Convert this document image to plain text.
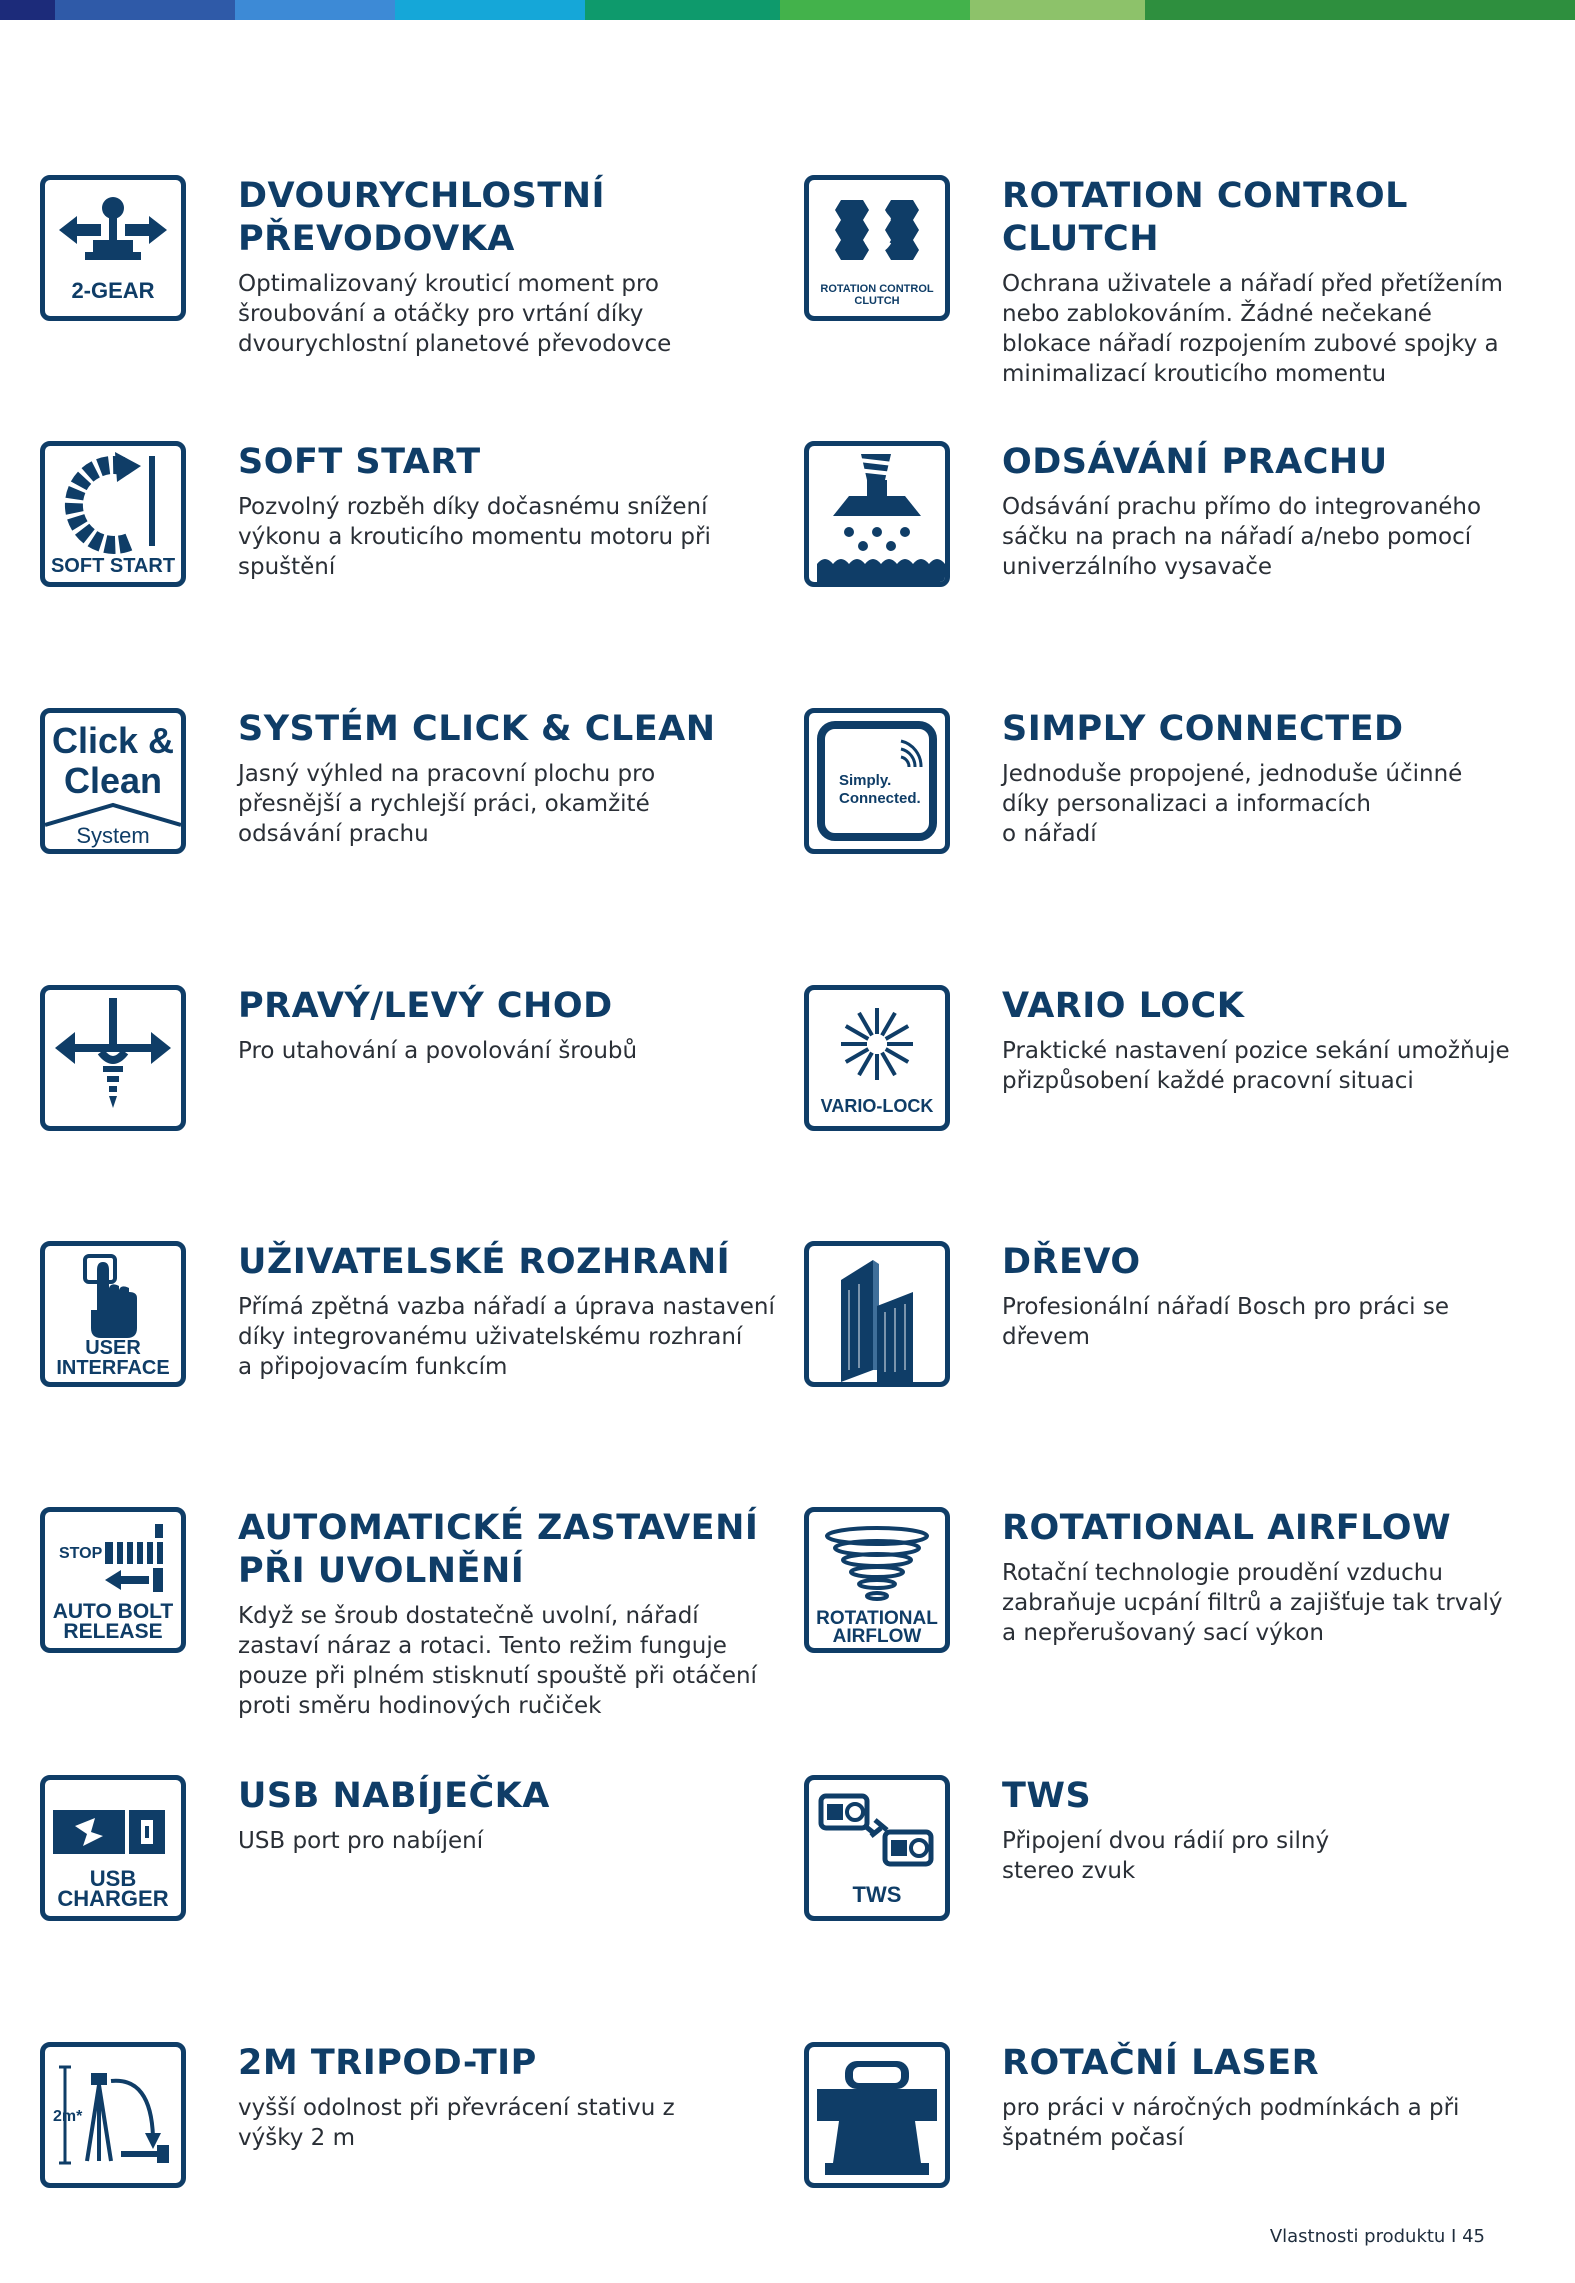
2-GEAR
DVOURYCHLOSTNÍ
PŘEVODOVKA
Optimalizovaný krouticí moment pro
šroubování a otáčky pro vrtání díky
dvourychlostní planetové převodovce
ROTATION CONTROL
CLUTCH
ROTATION CONTROL
CLUTCH
Ochrana uživatele a nářadí před přetížením
nebo zablokováním. Žádné nečekané
blokace nářadí rozpojením zubové spojky a
minimalizací krouticího momentu
SOFT START
SOFT START
Pozvolný rozběh díky dočasnému snížení
výkonu a krouticího momentu motoru při
spuštění
ODSÁVÁNÍ PRACHU
Odsávání prachu přímo do integrovaného
sáčku na prach na nářadí a/nebo pomocí
univerzálního vysavače
Click &
Clean
System
SYSTÉM CLICK & CLEAN
Jasný výhled na pracovní plochu pro
přesnější a rychlejší práci, okamžité
odsávání prachu
Simply.
Connected.
SIMPLY CONNECTED
Jednoduše propojené, jednoduše účinné
díky personalizaci a informacích
o nářadí
PRAVÝ/LEVÝ CHOD
Pro utahování a povolování šroubů
VARIO-LOCK
VARIO LOCK
Praktické nastavení pozice sekání umožňuje
přizpůsobení každé pracovní situaci
USER
INTERFACE
UŽIVATELSKÉ ROZHRANÍ
Přímá zpětná vazba nářadí a úprava nastavení
díky integrovanému uživatelskému rozhraní
a připojovacím funkcím
DŘEVO
Profesionální nářadí Bosch pro práci se
dřevem
STOP
AUTO BOLT
RELEASE
AUTOMATICKÉ ZASTAVENÍ
PŘI UVOLNĚNÍ
Když se šroub dostatečně uvolní, nářadí
zastaví náraz a rotaci. Tento režim funguje
pouze při plném stisknutí spouště při otáčení
proti směru hodinových ručiček
ROTATIONAL
AIRFLOW
ROTATIONAL AIRFLOW
Rotační technologie proudění vzduchu
zabraňuje ucpání filtrů a zajišťuje tak trvalý
a nepřerušovaný sací výkon
USB
CHARGER
USB NABÍJEČKA
USB port pro nabíjení
TWS
TWS
Připojení dvou rádií pro silný
stereo zvuk
2m*
2M TRIPOD-TIP
vyšší odolnost při převrácení stativu z
výšky 2 m
ROTAČNÍ LASER
pro práci v náročných podmínkách a při
špatném počasí
Vlastnosti produktu I 45
